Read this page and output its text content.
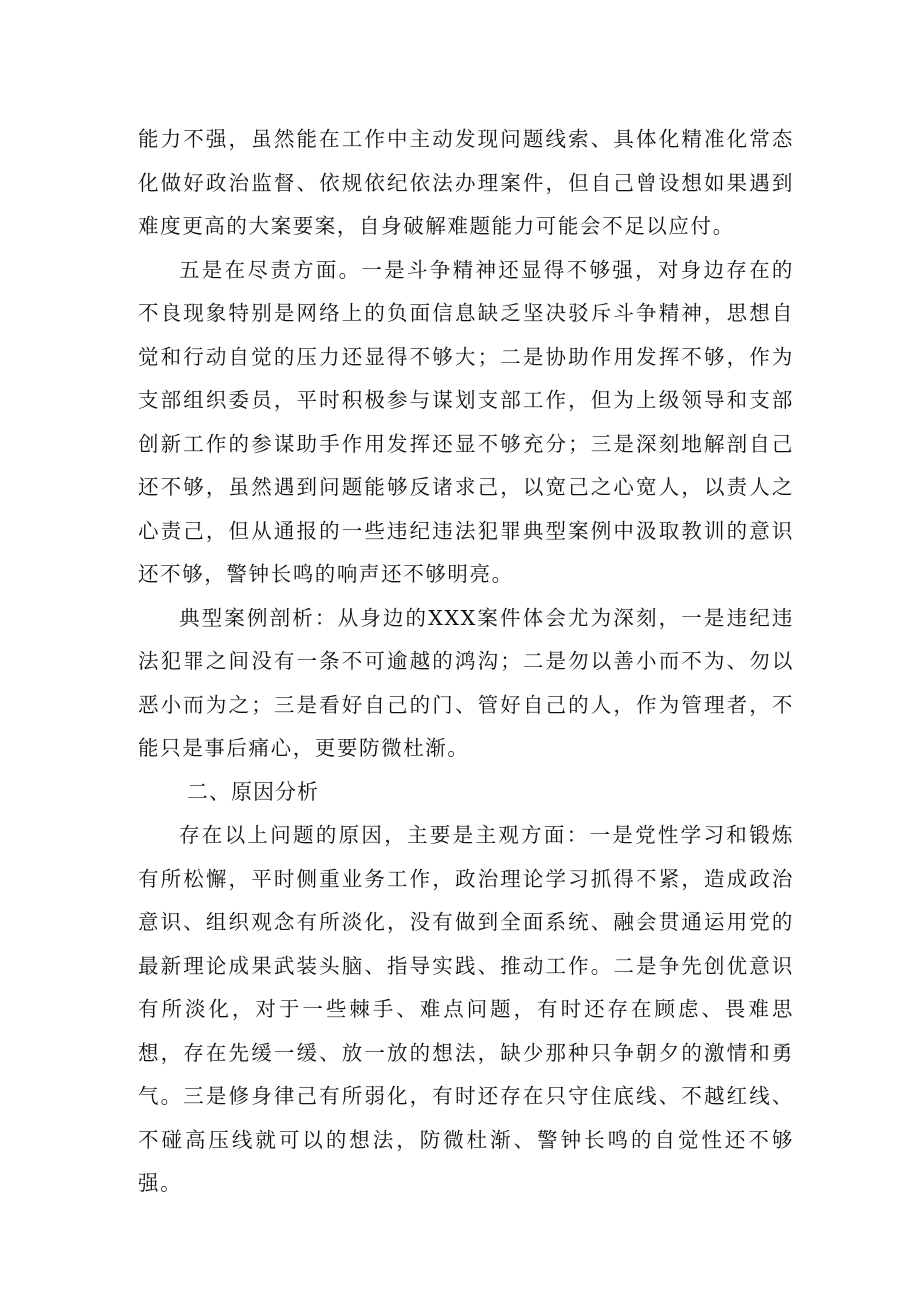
能力不强，虽然能在工作中主动发现问题线索、具体化精准化常态化做好政治监督、依规依纪依法办理案件，但自己曾设想如果遇到难度更高的大案要案，自身破解难题能力可能会不足以应付。

五是在尽责方面。一是斗争精神还显得不够强，对身边存在的不良现象特别是网络上的负面信息缺乏坚决驳斥斗争精神，思想自觉和行动自觉的压力还显得不够大；二是协助作用发挥不够，作为支部组织委员，平时积极参与谋划支部工作，但为上级领导和支部创新工作的参谋助手作用发挥还显不够充分；三是深刻地解剖自己还不够，虽然遇到问题能够反诸求己，以宽己之心宽人，以责人之心责己，但从通报的一些违纪违法犯罪典型案例中汲取教训的意识还不够，警钟长鸣的响声还不够明亮。

典型案例剖析：从身边的XXX案件体会尤为深刻，一是违纪违法犯罪之间没有一条不可逾越的鸿沟；二是勿以善小而不为、勿以恶小而为之；三是看好自己的门、管好自己的人，作为管理者，不能只是事后痛心，更要防微杜渐。

二、原因分析

存在以上问题的原因，主要是主观方面：一是党性学习和锻炼有所松懈，平时侧重业务工作，政治理论学习抓得不紧，造成政治意识、组织观念有所淡化，没有做到全面系统、融会贯通运用党的最新理论成果武装头脑、指导实践、推动工作。二是争先创优意识有所淡化，对于一些棘手、难点问题，有时还存在顾虑、畏难思想，存在先缓一缓、放一放的想法，缺少那种只争朝夕的激情和勇气。三是修身律己有所弱化，有时还存在只守住底线、不越红线、不碰高压线就可以的想法，防微杜渐、警钟长鸣的自觉性还不够强。
